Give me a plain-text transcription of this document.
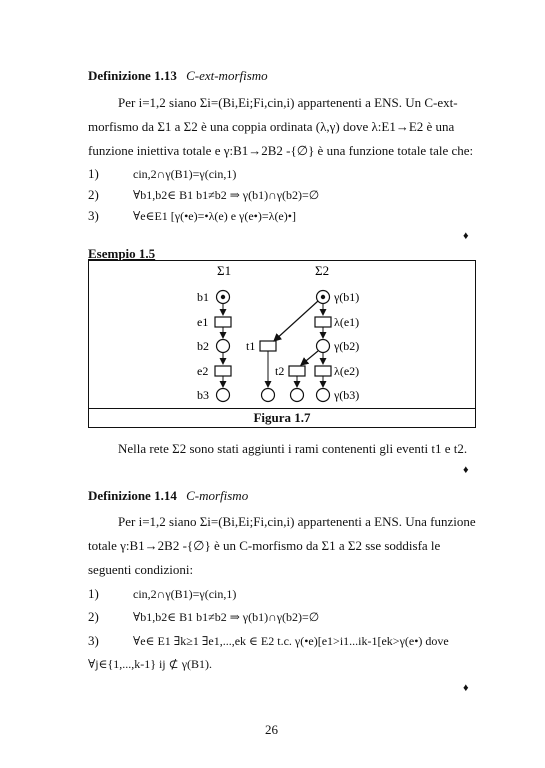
Definizione 1.13 C-ext-morfismo
Per i=1,2 siano Σi=(Bi,Ei;Fi,cin,i) appartenenti a ENS. Un C-ext-
morfismo da Σ1 a Σ2 è una coppia ordinata (λ,γ) dove λ:E1→E2 è una
funzione iniettiva totale e γ:B1→2B2 -{∅} è una funzione totale tale che:
1)	cin,2∩γ(B1)=γ(cin,1)
2)	∀b1,b2∈ B1 b1≠b2 ⇒ γ(b1)∩γ(b2)=∅
3)	∀e∈E1 [γ(•e)=•λ(e) e γ(e•)=λ(e)•]
♦
Esempio 1.5
Σ1
b1
e1
b2
e2
b3
Σ2
t1
t2
γ(b1)
λ(e1)
γ(b2)
λ(e2)
γ(b3)
Figura 1.7
Nella rete Σ2 sono stati aggiunti i rami contenenti gli eventi t1 e t2.
♦
Definizione 1.14 C-morfismo
Per i=1,2 siano Σi=(Bi,Ei;Fi,cin,i) appartenenti a ENS. Una funzione
totale γ:B1→2B2 -{∅} è un C-morfismo da Σ1 a Σ2 sse soddisfa le
seguenti condizioni:
1)	cin,2∩γ(B1)=γ(cin,1)
2)	∀b1,b2∈ B1 b1≠b2 ⇒ γ(b1)∩γ(b2)=∅
3)	∀e∈ E1 ∃k≥1 ∃e1,...,ek ∈ E2 t.c. γ(•e)[e1>i1...ik-1[ek>γ(e•) dove
∀j∈{1,...,k-1} ij ⊄ γ(B1).
♦
26
